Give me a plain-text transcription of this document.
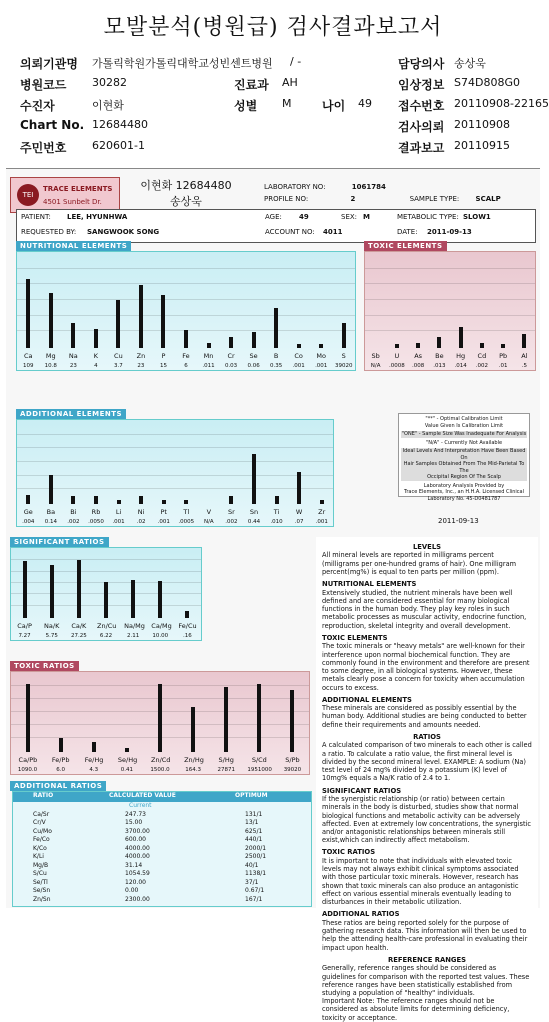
모발분석(병원급) 검사결과보고서
의뢰기관명 가톨릭학원가톨릭대학교성빈센트병원 / -	담당의사 송상욱
병원코드 30282	진료과 AH	임상정보 S74D808G0
수진자	이현화	성별 M	나이 49 접수번호 20110908-22165
Chart No. 12684480	검사의뢰 20110908
주민번호 620601-1	결과보고 20110915
TEI
TRACE ELEMENTS
4501 Sunbelt Dr.
이현화 12684480
송상욱
LABORATORY NO:	1061784
PROFILE NO:	2	SAMPLE TYPE: SCALP
PATIENT: LEE, HYUNHWA	AGE: 49	SEX: M	METABOLIC TYPE: SLOW1
REQUESTED BY: SANGWOOK SONG	ACCOUNT NO: 4011	DATE: 2011-09-13
NUTRITIONAL ELEMENTS
Ca
109
Mg
10.8
Na
23
K
4
Cu
3.7
Zn
23
P
15
Fe
6
Mn
.011
Cr
0.03
Se
0.06
B
0.35
Co
.001
Mo
.001
S
39020
TOXIC ELEMENTS
Sb
N/A
U
.0008
As
.008
Be
.013
Hg
.014
Cd
.002
Pb
.01
Al
.5
ADDITIONAL ELEMENTS
Ge
.004
Ba
0.14
Bi
.002
Rb
.0050
Li
.001
Ni
.02
Pt
.001
Tl
.0005
V
N/A
Sr
.002
Sn
0.44
Ti
.010
W
.07
Zr
.001
"**" - Optimal Calibration Limit
Value Given Is Calibration Limit
"ONE" - Sample Size Was Inadequate For Analysis
"N/A" - Currently Not Available
Ideal Levels And Interpretation Have Been Based On
Hair Samples Obtained From The Mid-Parietal To The
Occipital Region Of The Scalp
Laboratory Analysis Provided by
Trace Elements, Inc., an H.H.A. Licensed Clinical
Laboratory No. 45-D0481787
2011-09-13
SIGNIFICANT RATIOS
Ca/P
7.27
Na/K
5.75
Ca/K
27.25
Zn/Cu
6.22
Na/Mg
2.11
Ca/Mg
10.00
Fe/Cu
.16
TOXIC RATIOS
Ca/Pb
1090.0
Fe/Pb
6.0
Fe/Hg
4.3
Se/Hg
0.41
Zn/Cd
1500.0
Zn/Hg
164.3
S/Hg
27871
S/Cd
1951000
S/Pb
39020
ADDITIONAL RATIOS
RATIO	CALCULATED VALUE	OPTIMUM
Current
Ca/Sr	247.73	131/1
Cr/V	15.00	13/1
Cu/Mo	3700.00	625/1
Fe/Co	600.00	440/1
K/Co	4000.00	2000/1
K/Li	4000.00	2500/1
Mg/B	31.14	40/1
S/Cu	1054.59	1138/1
Se/Tl	120.00	37/1
Se/Sn	0.00	0.67/1
Zn/Sn	2300.00	167/1
LEVELS
All mineral levels are reported in milligrams percent (milligrams per one-hundred grams of hair). One milligram percent(mg%) is equal to ten parts per million (ppm).
NUTRITIONAL ELEMENTS
Extensively studied, the nutrient minerals have been well defined and are considered essential for many biological functions in the human body. They play key roles in such metabolic processes as muscular activity, endocrine function, reproduction, skeletal integrity and overall development.
TOXIC ELEMENTS
The toxic minerals or "heavy metals" are well-known for their interference upon normal biochemical function. They are commonly found in the environment and therefore are present to some degree, in all biological systems. However, these metals clearly pose a concern for toxicity when accumulation occurs to excess.
ADDITIONAL ELEMENTS
These minerals are considered as possibly essential by the human body. Additional studies are being conducted to better define their requirements and amounts needed.
RATIOS
A calculated comparison of two minerals to each other is called a ratio. To calculate a ratio value, the first mineral level is divided by the second mineral level. EXAMPLE: A sodium (Na) test level of 24 mg% divided by a potassium (K) level of 10mg% equals a Na/K ratio of 2.4 to 1.
SIGNIFICANT RATIOS
If the synergistic relationship (or ratio) between certain minerals in the body is disturbed, studies show that normal biological functions and metabolic activity can be adversely affected. Even at extremely low concentrations, the synergistic and/or antagonistic relationships between minerals still exist,which can indirectly affect metabolism.
TOXIC RATIOS
It is important to note that individuals with elevated toxic levels may not always exhibit clinical symptoms associated with those particular toxic minerals. However, research has shown that toxic minerals can also produce an antagonistic effect on various essential minerals eventually leading to disturbances in their metabolic utilization.
ADDITIONAL RATIOS
These ratios are being reported solely for the purpose of gathering research data. This information will then be used to help the attending health-care professional in evaluating their impact upon health.
REFERENCE RANGES
Generally, reference ranges should be considered as guidelines for comparison with the reported test values. These reference ranges have been statistically established from studying a population of "healthy" individuals.
Important Note: The reference ranges should not be considered as absolute limits for determining deficiency, toxicity or acceptance.
